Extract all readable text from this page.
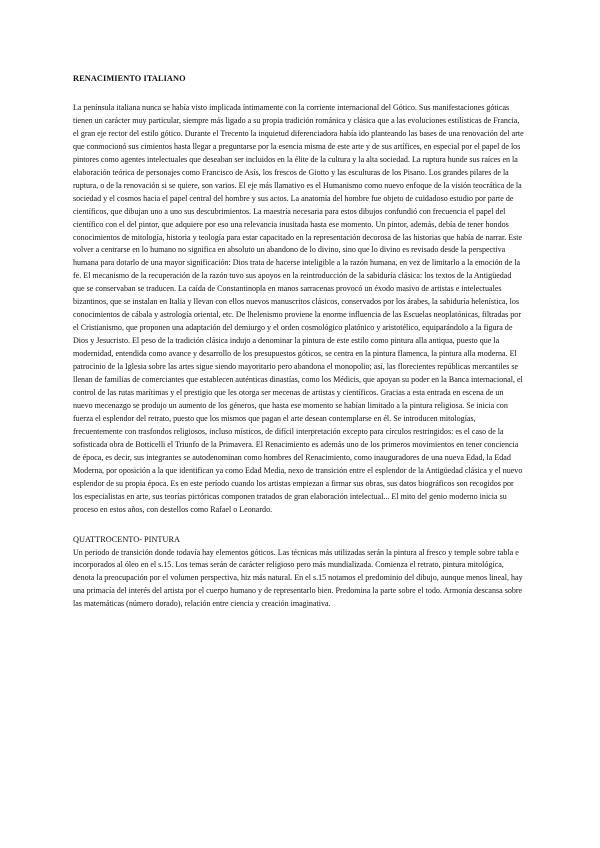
RENACIMIENTO ITALIANO

La península italiana nunca se había visto implicada íntimamente con la corriente internacional del Gótico. Sus manifestaciones góticas tienen un carácter muy particular, siempre más ligado a su propia tradición románica y clásica que a las evoluciones estilísticas de Francia, el gran eje rector del estilo gótico. Durante el Trecento la inquietud diferenciadora había ido planteando las bases de una renovación del arte que conmocionó sus cimientos hasta llegar a preguntarse por la esencia misma de este arte y de sus artífices, en especial por el papel de los pintores como agentes intelectuales que deseaban ser incluidos en la élite de la cultura y la alta sociedad. La ruptura hunde sus raíces en la elaboración teórica de personajes como Francisco de Asís, los frescos de Giotto y las esculturas de los Pisano. Los grandes pilares de la ruptura, o de la renovación si se quiere, son varios. El eje más llamativo es el Humanismo como nuevo enfoque de la visión teocrática de la sociedad y el cosmos hacia el papel central del hombre y sus actos. La anatomía del hombre fue objeto de cuidadoso estudio por parte de científicos, que dibujan uno a uno sus descubrimientos. La maestría necesaria para estos dibujos confundió con frecuencia el papel del científico con el del pintor, que adquiere por eso una relevancia inusitada hasta ese momento. Un pintor, además, debía de tener hondos conocimientos de mitología, historia y teología para estar capacitado en la representación decorosa de las historias que había de narrar. Este volver a centrarse en lo humano no significa en absoluto un abandono de lo divino, sino que lo divino es revisado desde la perspectiva humana para dotarlo de una mayor significación: Dios trata de hacerse inteligible a la razón humana, en vez de limitarlo a la emoción de la fe. El mecanismo de la recuperación de la razón tuvo sus apoyos en la reintroducción de la sabiduría clásica: los textos de la Antigüedad que se conservaban se traducen. La caída de Constantinopla en manos sarracenas provocó un éxodo masivo de artistas e intelectuales bizantinos, que se instalan en Italia y llevan con ellos nuevos manuscritos clásicos, conservados por los árabes, la sabiduría helenística, los conocimientos de cábala y astrología oriental, etc. De lhelenismo proviene la enorme influencia de las Escuelas neoplatónicas, filtradas por el Cristianismo, que proponen una adaptación del demiurgo y el orden cosmológico platónico y aristotélico, equiparándolo a la figura de Dios y Jesucristo. El peso de la tradición clásica indujo a denominar la pintura de este estilo como pintura alla antiqua, puesto que la modernidad, entendida como avance y desarrollo de los presupuestos góticos, se centra en la pintura flamenca, la pintura alla moderna. El patrocinio de la Iglesia sobre las artes sigue siendo mayoritario pero abandona el monopolio; así, las florecientes repúblicas mercantiles se llenan de familias de comerciantes que establecen auténticas dinastías, como los Médicis, que apoyan su poder en la Banca internacional, el control de las rutas marítimas y el prestigio que les otorga ser mecenas de artistas y científicos. Gracias a esta entrada en escena de un nuevo mecenazgo se produjo un aumento de los géneros, que hasta ese momento se habían limitado a la pintura religiosa. Se inicia con fuerza el esplendor del retrato, puesto que los mismos que pagan el arte desean contemplarse en él. Se introducen mitologías, frecuentemente con trasfondos religiosos, incluso místicos, de difícil interpretación excepto para círculos restringidos: es el caso de la sofisticada obra de Botticelli el Triunfo de la Primavera. El Renacimiento es además uno de los primeros movimientos en tener conciencia de época, es decir, sus integrantes se autodenominan como hombres del Renacimiento, como inauguradores de una nueva Edad, la Edad Moderna, por oposición a la que identifican ya como Edad Media, nexo de transición entre el esplendor de la Antigüedad clásica y el nuevo esplendor de su propia época. Es en este período cuando los artistas empiezan a firmar sus obras, sus datos biográficos son recogidos por los especialistas en arte, sus teorías pictóricas componen tratados de gran elaboración intelectual... El mito del genio moderno inicia su proceso en estos años, con destellos como Rafael o Leonardo.

QUATTROCENTO- PINTURA

Un periodo de transición donde todavía hay elementos góticos. Las técnicas más utilizadas serán la pintura al fresco y temple sobre tabla e incorporados al óleo en el s.15. Los temas serán de carácter religioso pero más mundializada. Comienza el retrato, pintura mitológica, denota la preocupación por el volumen perspectiva, hiz más natural. En el s.15 notamos el predominio del dibujo, aunque menos lineal, hay una primacía del interés del artista por el cuerpo humano y de representarlo bien. Predomina la parte sobre el todo. Armonía descansa sobre las matemáticas (número dorado), relación entre ciencia y creación imaginativa.
